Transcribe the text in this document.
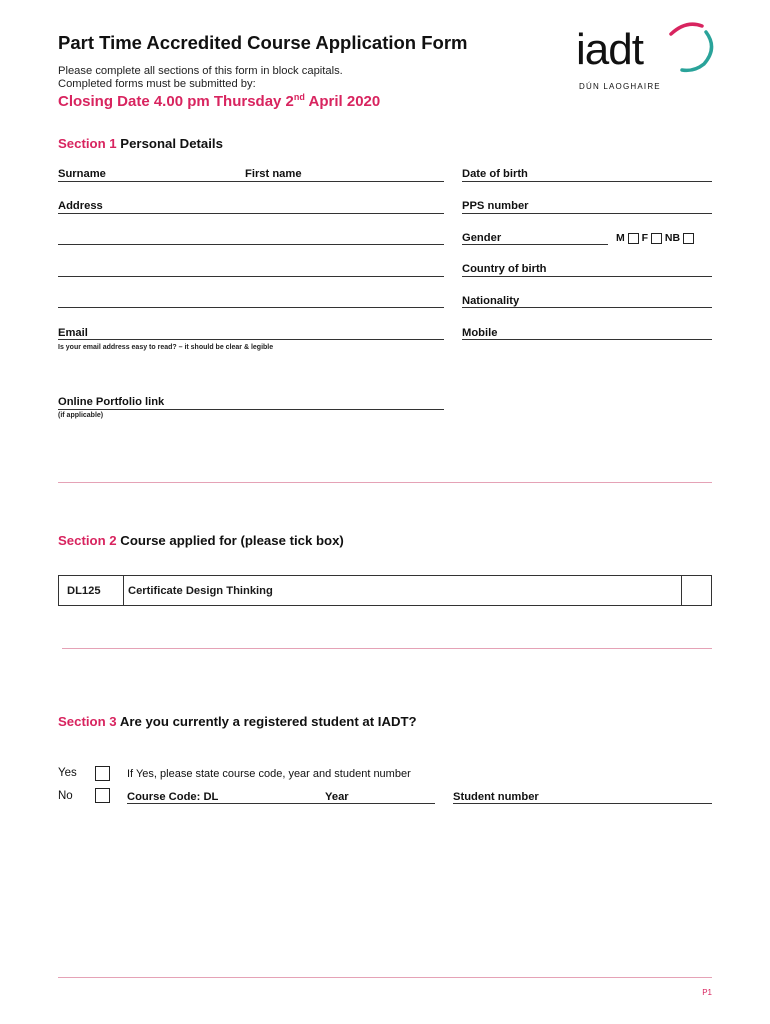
Part Time Accredited Course Application Form
Please complete all sections of this form in block capitals.
Completed forms must be submitted by:
Closing Date 4.00 pm Thursday 2nd April 2020
iadt
DÚN LAOGHAIRE
Section 1 Personal Details
Surname	First name	Date of birth
Address	PPS number
Gender	M F NB
Country of birth
Nationality
Email
Is your email address easy to read? – it should be clear & legible
Mobile
Online Portfolio link
(if applicable)
Section 2 Course applied for (please tick box)
DL125	Certificate Design Thinking
Section 3 Are you currently a registered student at IADT?
Yes	If Yes, please state course code, year and student number
No	Course Code: DL	Year	Student number
P1
